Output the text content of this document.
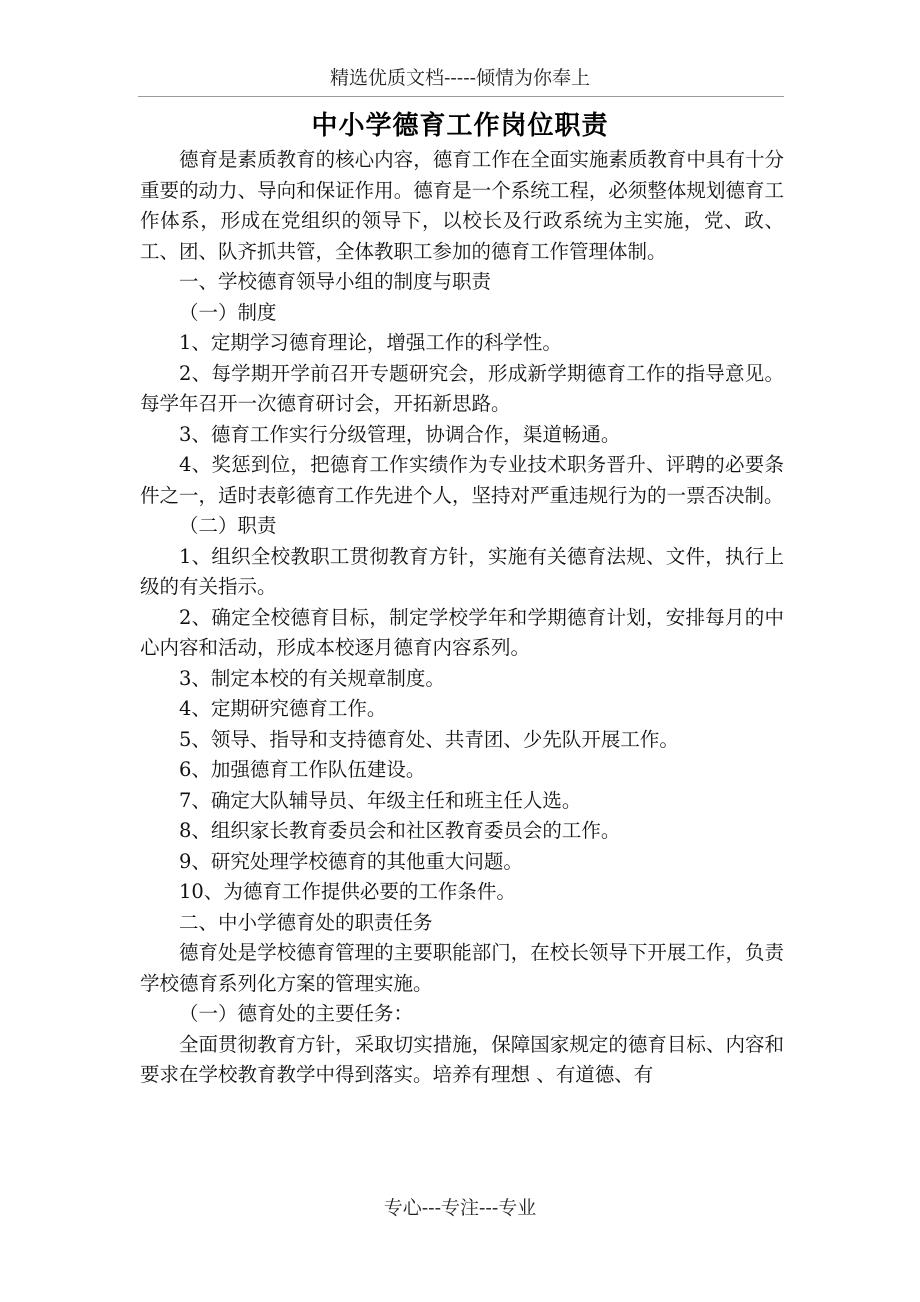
精选优质文档-----倾情为你奉上
中小学德育工作岗位职责

德育是素质教育的核心内容，德育工作在全面实施素质教育中具有十分重要的动力、导向和保证作用。德育是一个系统工程，必须整体规划德育工作体系，形成在党组织的领导下，以校长及行政系统为主实施，党、政、工、团、队齐抓共管，全体教职工参加的德育工作管理体制。

一、学校德育领导小组的制度与职责

（一）制度

1、定期学习德育理论，增强工作的科学性。

2、每学期开学前召开专题研究会，形成新学期德育工作的指导意见。每学年召开一次德育研讨会，开拓新思路。

3、德育工作实行分级管理，协调合作，渠道畅通。

4、奖惩到位，把德育工作实绩作为专业技术职务晋升、评聘的必要条件之一，适时表彰德育工作先进个人，坚持对严重违规行为的一票否决制。

（二）职责

1、组织全校教职工贯彻教育方针，实施有关德育法规、文件，执行上级的有关指示。

2、确定全校德育目标，制定学校学年和学期德育计划，安排每月的中心内容和活动，形成本校逐月德育内容系列。

3、制定本校的有关规章制度。

4、定期研究德育工作。

5、领导、指导和支持德育处、共青团、少先队开展工作。

6、加强德育工作队伍建设。

7、确定大队辅导员、年级主任和班主任人选。

8、组织家长教育委员会和社区教育委员会的工作。

9、研究处理学校德育的其他重大问题。

10、为德育工作提供必要的工作条件。

二、中小学德育处的职责任务

德育处是学校德育管理的主要职能部门，在校长领导下开展工作，负责学校德育系列化方案的管理实施。

（一）德育处的主要任务：

全面贯彻教育方针，采取切实措施，保障国家规定的德育目标、内容和要求在学校教育教学中得到落实。培养有理想 、有道德、有

专心---专注---专业
